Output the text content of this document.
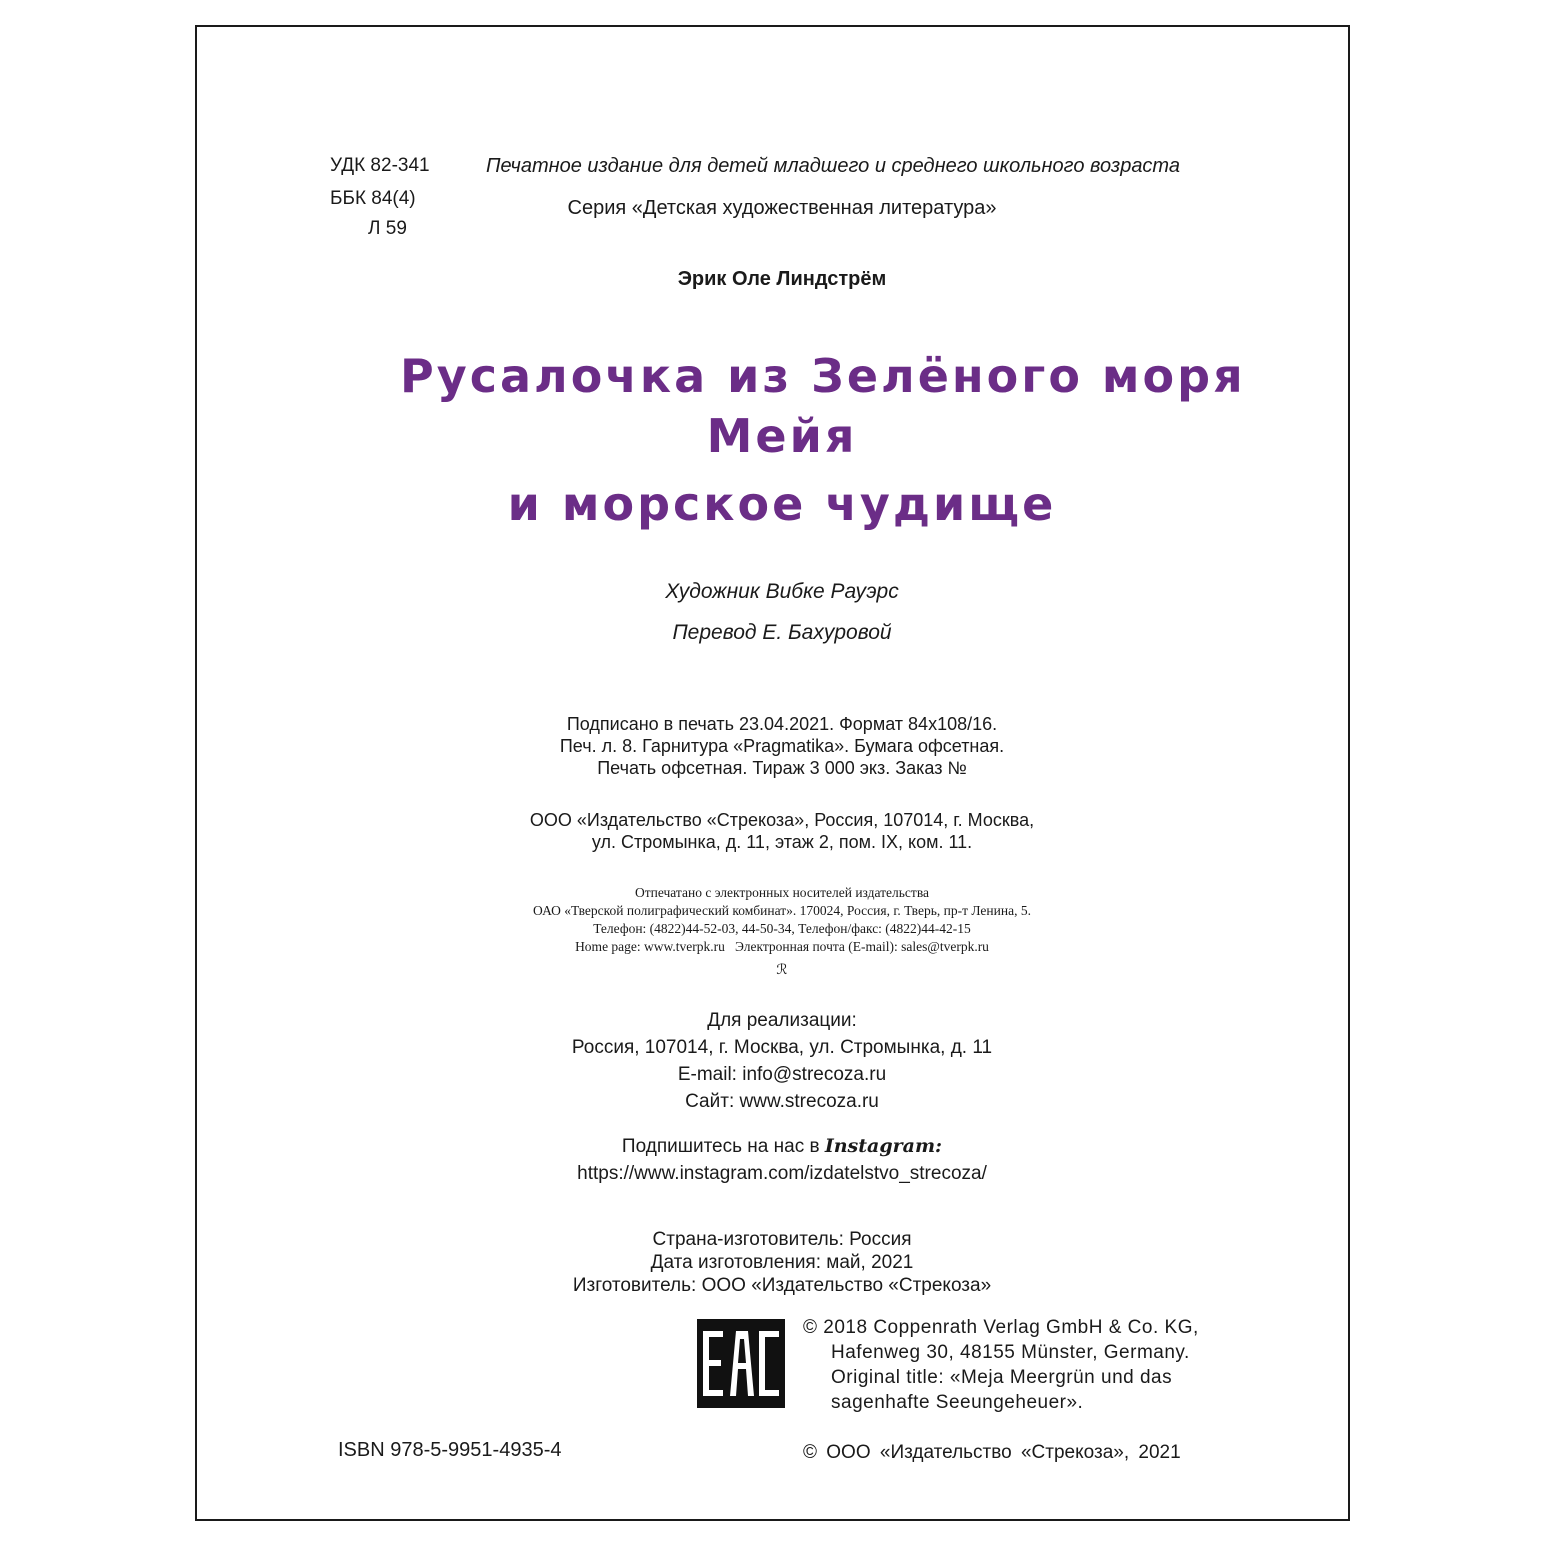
УДК 82-341
ББК 84(4)
Л 59
Печатное издание для детей младшего и среднего школьного возраста
Серия «Детская художественная литература»
Эрик Оле Линдстрём
Русалочка из Зелёного моря
Мейя
и морское чудище
Художник Вибке Рауэрс
Перевод Е. Бахуровой
Подписано в печать 23.04.2021. Формат 84x108/16.
Печ. л. 8. Гарнитура «Pragmatika». Бумага офсетная.
Печать офсетная. Тираж 3 000 экз. Заказ №
ООО «Издательство «Стрекоза», Россия, 107014, г. Москва,
ул. Стромынка, д. 11, этаж 2, пом. IX, ком. 11.
Отпечатано с электронных носителей издательства
ОАО «Тверской полиграфический комбинат». 170024, Россия, г. Тверь, пр-т Ленина, 5.
Телефон: (4822)44-52-03, 44-50-34, Телефон/факс: (4822)44-42-15
Home page: www.tverpk.ru   Электронная почта (E-mail): sales@tverpk.ru
ℛ
Для реализации:
Россия, 107014, г. Москва, ул. Стромынка, д. 11
E-mail: info@strecoza.ru
Сайт: www.strecoza.ru
Подпишитесь на нас в Instagram:
https://www.instagram.com/izdatelstvo_strecoza/
Страна-изготовитель: Россия
Дата изготовления: май, 2021
Изготовитель: ООО «Издательство «Стрекоза»
© 2018 Coppenrath Verlag GmbH & Co. KG,
Hafenweg 30, 48155 Münster, Germany.
Original title: «Meja Meergrün und das
sagenhafte Seeungeheuer».
ISBN 978-5-9951-4935-4	© ООО «Издательство «Стрекоза», 2021
